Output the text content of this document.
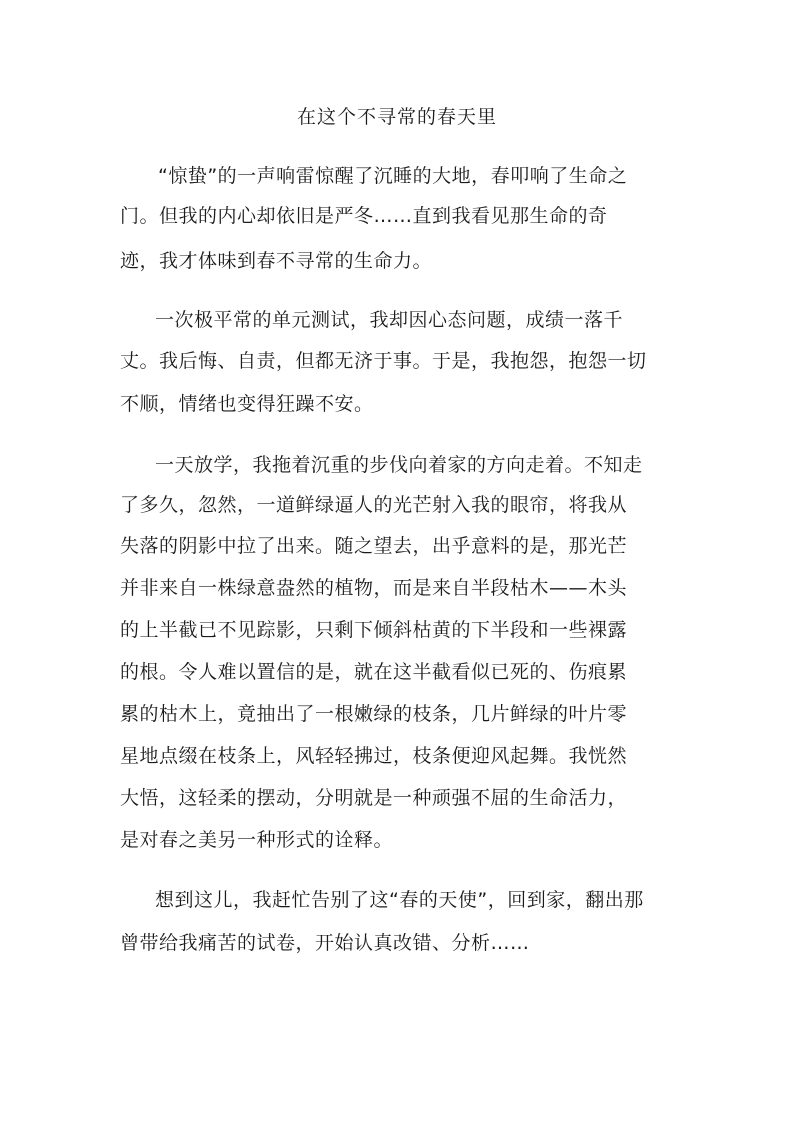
在这个不寻常的春天里
“惊蛰”的一声响雷惊醒了沉睡的大地，春叩响了生命之
门。但我的内心却依旧是严冬……直到我看见那生命的奇
迹，我才体味到春不寻常的生命力。
一次极平常的单元测试，我却因心态问题，成绩一落千
丈。我后悔、自责，但都无济于事。于是，我抱怨，抱怨一切
不顺，情绪也变得狂躁不安。
一天放学，我拖着沉重的步伐向着家的方向走着。不知走
了多久，忽然，一道鲜绿逼人的光芒射入我的眼帘，将我从
失落的阴影中拉了出来。随之望去，出乎意料的是，那光芒
并非来自一株绿意盎然的植物，而是来自半段枯木——木头
的上半截已不见踪影，只剩下倾斜枯黄的下半段和一些裸露
的根。令人难以置信的是，就在这半截看似已死的、伤痕累
累的枯木上，竟抽出了一根嫩绿的枝条，几片鲜绿的叶片零
星地点缀在枝条上，风轻轻拂过，枝条便迎风起舞。我恍然
大悟，这轻柔的摆动，分明就是一种顽强不屈的生命活力，
是对春之美另一种形式的诠释。
想到这儿，我赶忙告别了这“春的天使”，回到家，翻出那
曾带给我痛苦的试卷，开始认真改错、分析……
